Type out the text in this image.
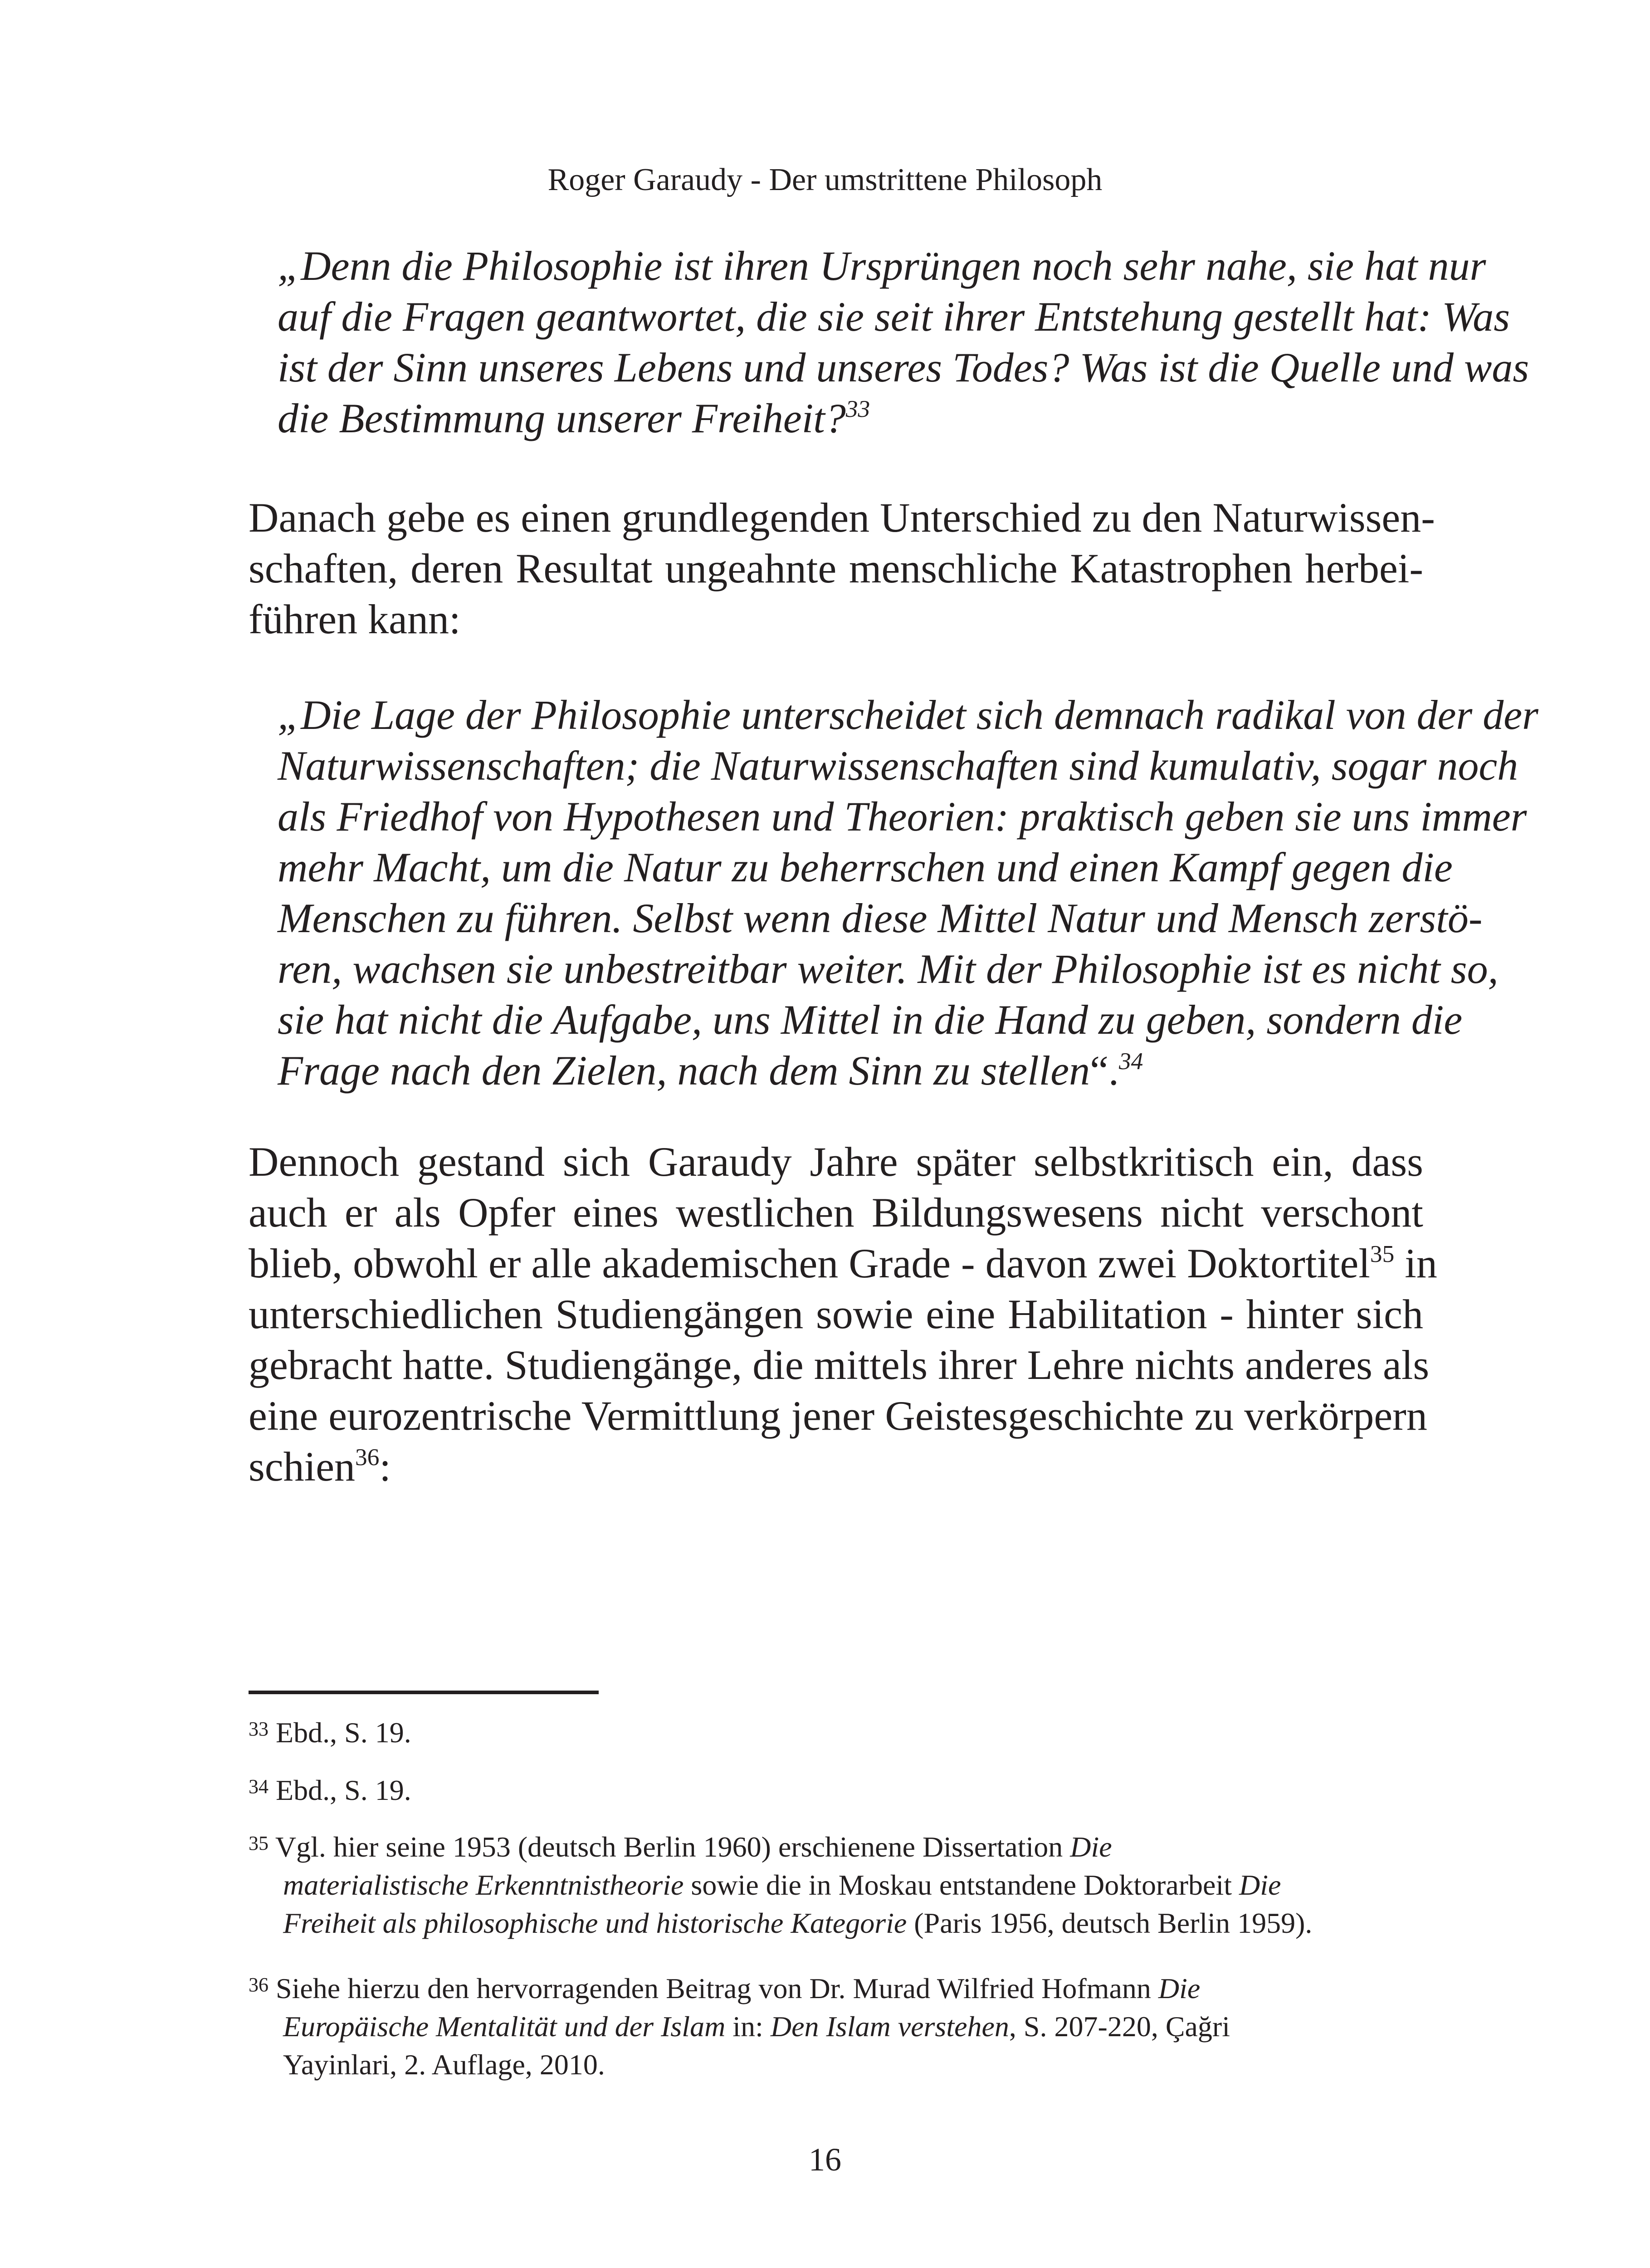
Roger Garaudy - Der umstrittene Philosoph
„Denn die Philosophie ist ihren Ursprüngen noch sehr nahe, sie hat nur
auf die Fragen geantwortet, die sie seit ihrer Entstehung gestellt hat: Was
ist der Sinn unseres Lebens und unseres Todes? Was ist die Quelle und was
die Bestimmung unserer Freiheit?$^{33}$
Danach gebe es einen grundlegenden Unterschied zu den Naturwissen-
schaften, deren Resultat ungeahnte menschliche Katastrophen herbei-
führen kann:
„Die Lage der Philosophie unterscheidet sich demnach radikal von der der
Naturwissenschaften; die Naturwissenschaften sind kumulativ, sogar noch
als Friedhof von Hypothesen und Theorien: praktisch geben sie uns immer
mehr Macht, um die Natur zu beherrschen und einen Kampf gegen die
Menschen zu führen. Selbst wenn diese Mittel Natur und Mensch zerstö-
ren, wachsen sie unbestreitbar weiter. Mit der Philosophie ist es nicht so,
sie hat nicht die Aufgabe, uns Mittel in die Hand zu geben, sondern die
Frage nach den Zielen, nach dem Sinn zu stellen“.$^{34}$
Dennoch gestand sich Garaudy Jahre später selbstkritisch ein, dass
auch er als Opfer eines westlichen Bildungswesens nicht verschont
blieb, obwohl er alle akademischen Grade - davon zwei Doktortitel$^{35}$ in
unterschiedlichen Studiengängen sowie eine Habilitation - hinter sich
gebracht hatte. Studiengänge, die mittels ihrer Lehre nichts anderes als
eine eurozentrische Vermittlung jener Geistesgeschichte zu verkörpern
schien$^{36}$:
$^{33}$ Ebd., S. 19.
$^{34}$ Ebd., S. 19.
$^{35}$ Vgl. hier seine 1953 (deutsch Berlin 1960) erschienene Dissertation Die
materialistische Erkenntnistheorie sowie die in Moskau entstandene Doktorarbeit Die
Freiheit als philosophische und historische Kategorie (Paris 1956, deutsch Berlin 1959).
$^{36}$ Siehe hierzu den hervorragenden Beitrag von Dr. Murad Wilfried Hofmann Die
Europäische Mentalität und der Islam in: Den Islam verstehen, S. 207-220, Çağri
Yayinlari, 2. Auflage, 2010.
16
